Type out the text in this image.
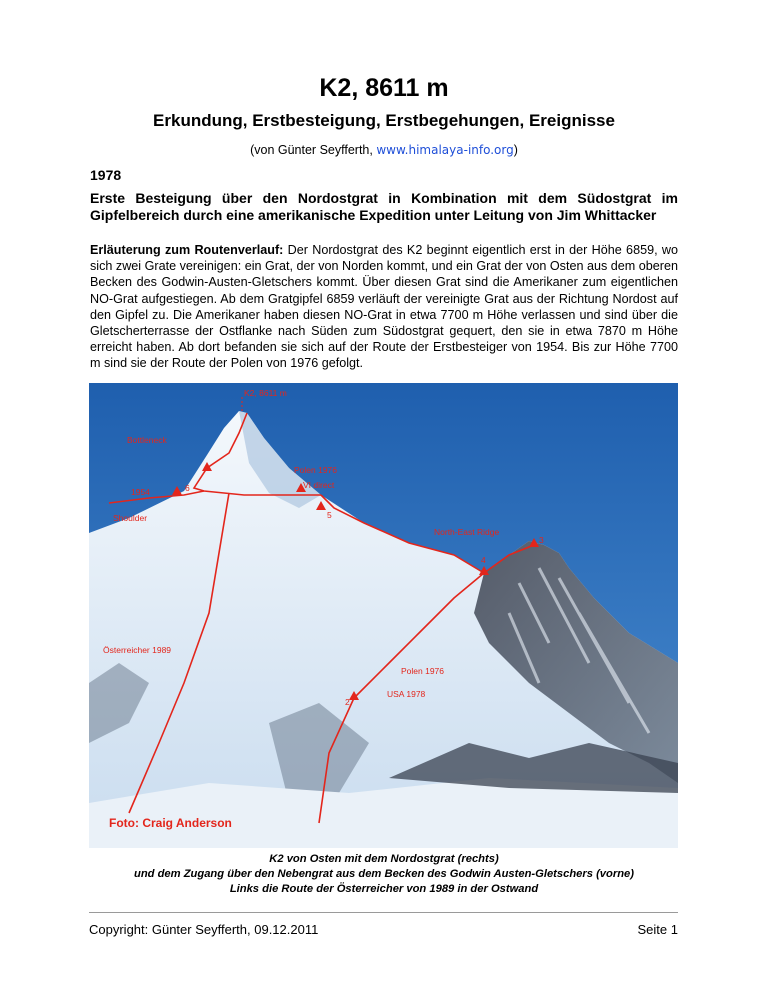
K2, 8611 m
Erkundung, Erstbesteigung, Erstbegehungen, Ereignisse
(von Günter Seyfferth, www.himalaya-info.org)
1978
Erste Besteigung über den Nordostgrat in Kombination mit dem Südostgrat im Gipfelbereich durch eine amerikanische Expedition unter Leitung von Jim Whittacker
Erläuterung zum Routenverlauf: Der Nordostgrat des K2 beginnt eigentlich erst in der Höhe 6859, wo sich zwei Grate vereinigen: ein Grat, der von Norden kommt, und ein Grat der von Osten aus dem oberen Becken des Godwin-Austen-Gletschers kommt. Über diesen Grat sind die Amerikaner zum eigentlichen NO-Grat aufgestiegen. Ab dem Gratgipfel 6859 verläuft der vereinigte Grat aus der Richtung Nordost auf den Gipfel zu. Die Amerikaner haben diesen NO-Grat in etwa 7700 m Höhe verlassen und sind über die Gletscherterrasse der Ostflanke nach Süden zum Südostgrat gequert, den sie in etwa 7870 m Höhe erreicht haben. Ab dort befanden sie sich auf der Route der Erstbesteiger von 1954. Bis zur Höhe 7700 m sind sie der Route der Polen von 1976 gefolgt.
K2, 8611 m
Bottleneck
Polen 1976
VI direct
1954
Shoulder
North-East Ridge
Österreicher 1989
Polen 1976
USA 1978
6
5
4
3
2
Foto: Craig Anderson
K2 von Osten mit dem Nordostgrat (rechts)
und dem Zugang über den Nebengrat aus dem Becken des Godwin Austen-Gletschers (vorne)
Links die Route der Österreicher von 1989 in der Ostwand
Copyright: Günter Seyfferth, 09.12.2011	Seite 1
